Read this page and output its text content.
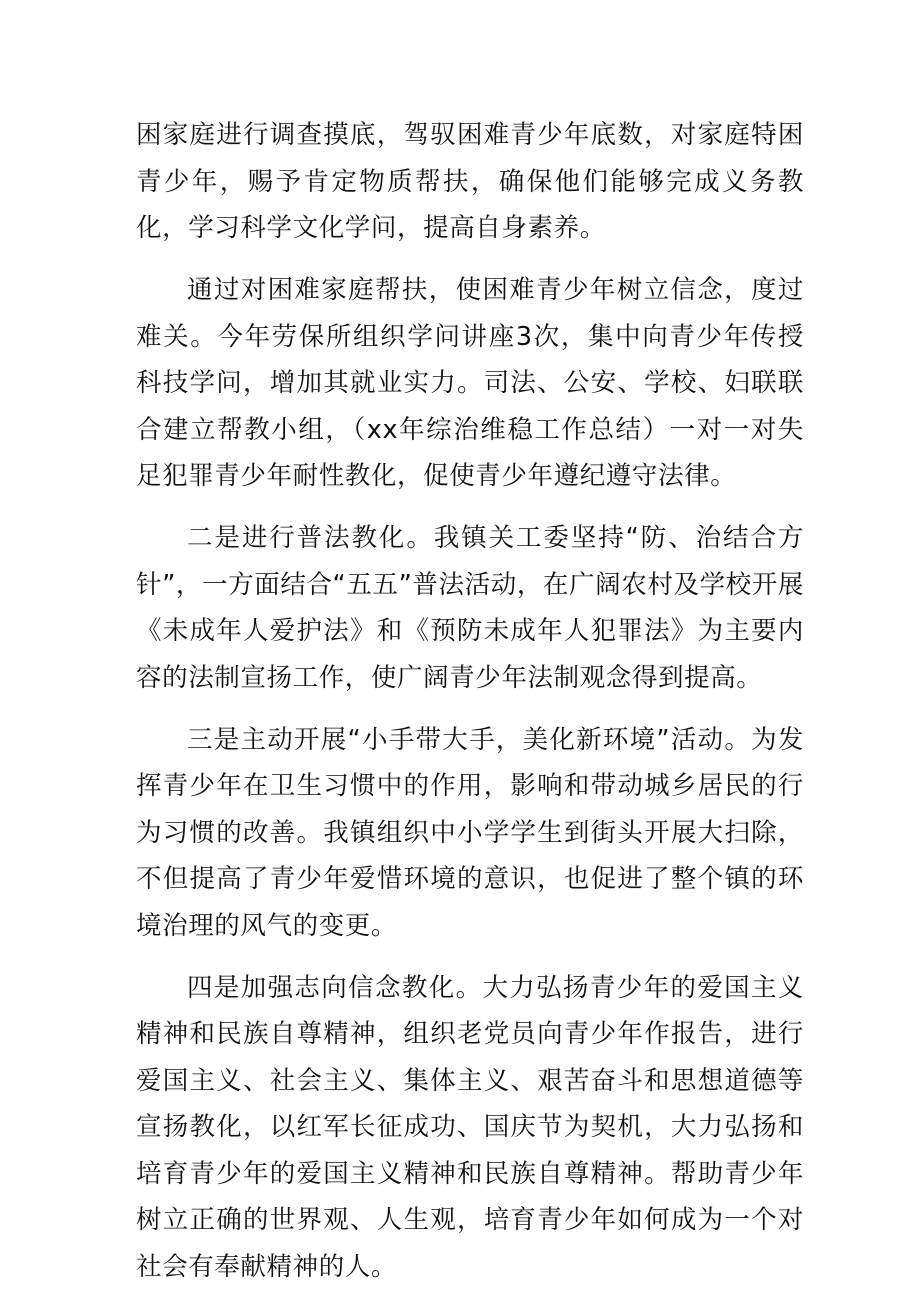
困家庭进行调查摸底，驾驭困难青少年底数，对家庭特困青少年，赐予肯定物质帮扶，确保他们能够完成义务教化，学习科学文化学问，提高自身素养。

通过对困难家庭帮扶，使困难青少年树立信念，度过难关。今年劳保所组织学问讲座3次，集中向青少年传授科技学问，增加其就业实力。司法、公安、学校、妇联联合建立帮教小组，（xx年综治维稳工作总结）一对一对失足犯罪青少年耐性教化，促使青少年遵纪遵守法律。

二是进行普法教化。我镇关工委坚持“防、治结合方针”，一方面结合“五五”普法活动，在广阔农村及学校开展《未成年人爱护法》和《预防未成年人犯罪法》为主要内容的法制宣扬工作，使广阔青少年法制观念得到提高。

三是主动开展“小手带大手，美化新环境”活动。为发挥青少年在卫生习惯中的作用，影响和带动城乡居民的行为习惯的改善。我镇组织中小学学生到街头开展大扫除，不但提高了青少年爱惜环境的意识，也促进了整个镇的环境治理的风气的变更。

四是加强志向信念教化。大力弘扬青少年的爱国主义精神和民族自尊精神，组织老党员向青少年作报告，进行爱国主义、社会主义、集体主义、艰苦奋斗和思想道德等宣扬教化，以红军长征成功、国庆节为契机，大力弘扬和培育青少年的爱国主义精神和民族自尊精神。帮助青少年树立正确的世界观、人生观，培育青少年如何成为一个对社会有奉献精神的人。
